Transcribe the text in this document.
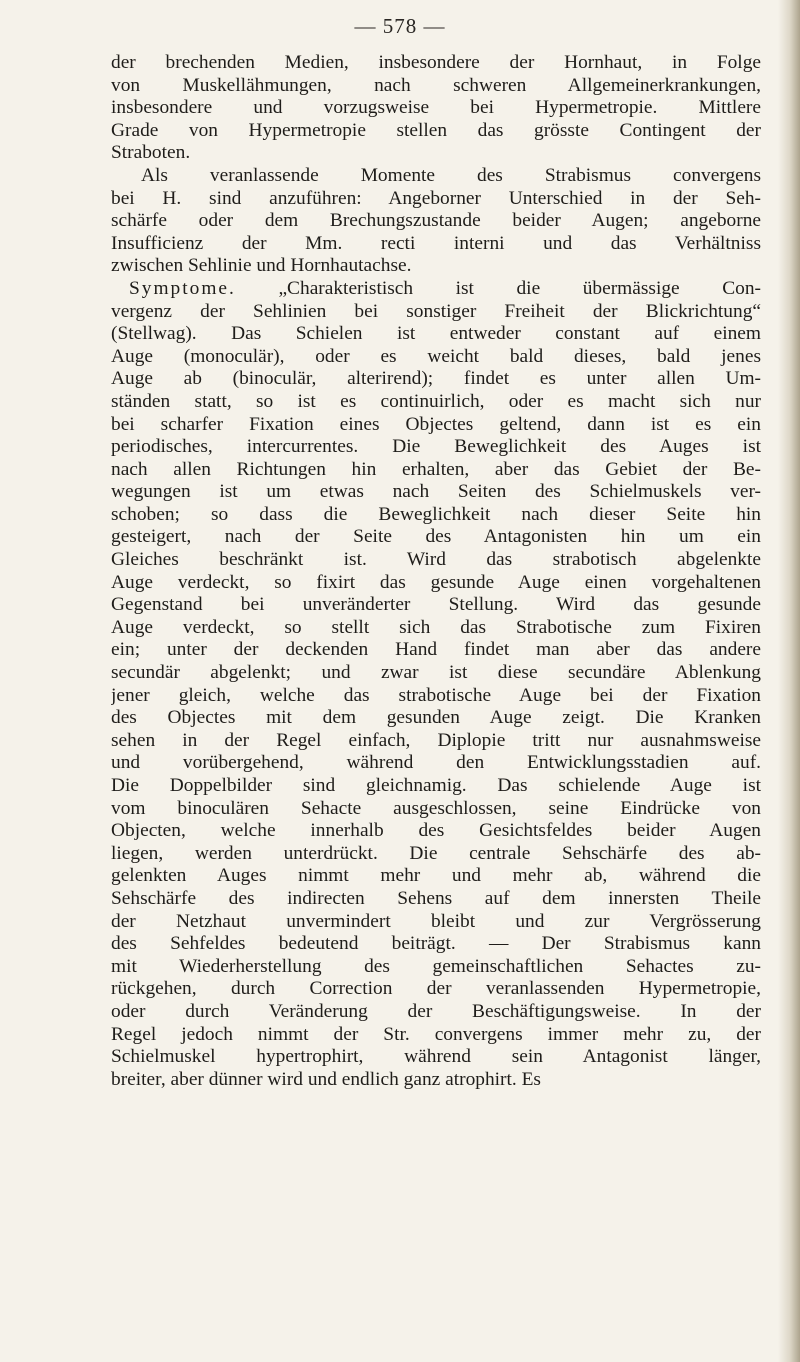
— 578 —
der brechenden Medien, insbesondere der Hornhaut, in Folge
von Muskellähmungen, nach schweren Allgemeinerkrankungen,
insbesondere und vorzugsweise bei Hypermetropie. Mittlere
Grade von Hypermetropie stellen das grösste Contingent der
Straboten.
Als veranlassende Momente des Strabismus convergens
bei H. sind anzuführen: Angeborner Unterschied in der Seh-
schärfe oder dem Brechungszustande beider Augen; angeborne
Insufficienz der Mm. recti interni und das Verhältniss
zwischen Sehlinie und Hornhautachse.
Symptome. „Charakteristisch ist die übermässige Con-
vergenz der Sehlinien bei sonstiger Freiheit der Blickrichtung“
(Stellwag). Das Schielen ist entweder constant auf einem
Auge (monoculär), oder es weicht bald dieses, bald jenes
Auge ab (binoculär, alterirend); findet es unter allen Um-
ständen statt, so ist es continuirlich, oder es macht sich nur
bei scharfer Fixation eines Objectes geltend, dann ist es ein
periodisches, intercurrentes. Die Beweglichkeit des Auges ist
nach allen Richtungen hin erhalten, aber das Gebiet der Be-
wegungen ist um etwas nach Seiten des Schielmuskels ver-
schoben; so dass die Beweglichkeit nach dieser Seite hin
gesteigert, nach der Seite des Antagonisten hin um ein
Gleiches beschränkt ist. Wird das strabotisch abgelenkte
Auge verdeckt, so fixirt das gesunde Auge einen vorgehaltenen
Gegenstand bei unveränderter Stellung. Wird das gesunde
Auge verdeckt, so stellt sich das Strabotische zum Fixiren
ein; unter der deckenden Hand findet man aber das andere
secundär abgelenkt; und zwar ist diese secundäre Ablenkung
jener gleich, welche das strabotische Auge bei der Fixation
des Objectes mit dem gesunden Auge zeigt. Die Kranken
sehen in der Regel einfach, Diplopie tritt nur ausnahmsweise
und vorübergehend, während den Entwicklungsstadien auf.
Die Doppelbilder sind gleichnamig. Das schielende Auge ist
vom binoculären Sehacte ausgeschlossen, seine Eindrücke von
Objecten, welche innerhalb des Gesichtsfeldes beider Augen
liegen, werden unterdrückt. Die centrale Sehschärfe des ab-
gelenkten Auges nimmt mehr und mehr ab, während die
Sehschärfe des indirecten Sehens auf dem innersten Theile
der Netzhaut unvermindert bleibt und zur Vergrösserung
des Sehfeldes bedeutend beiträgt. — Der Strabismus kann
mit Wiederherstellung des gemeinschaftlichen Sehactes zu-
rückgehen, durch Correction der veranlassenden Hypermetropie,
oder durch Veränderung der Beschäftigungsweise. In der
Regel jedoch nimmt der Str. convergens immer mehr zu, der
Schielmuskel hypertrophirt, während sein Antagonist länger,
breiter, aber dünner wird und endlich ganz atrophirt. Es
